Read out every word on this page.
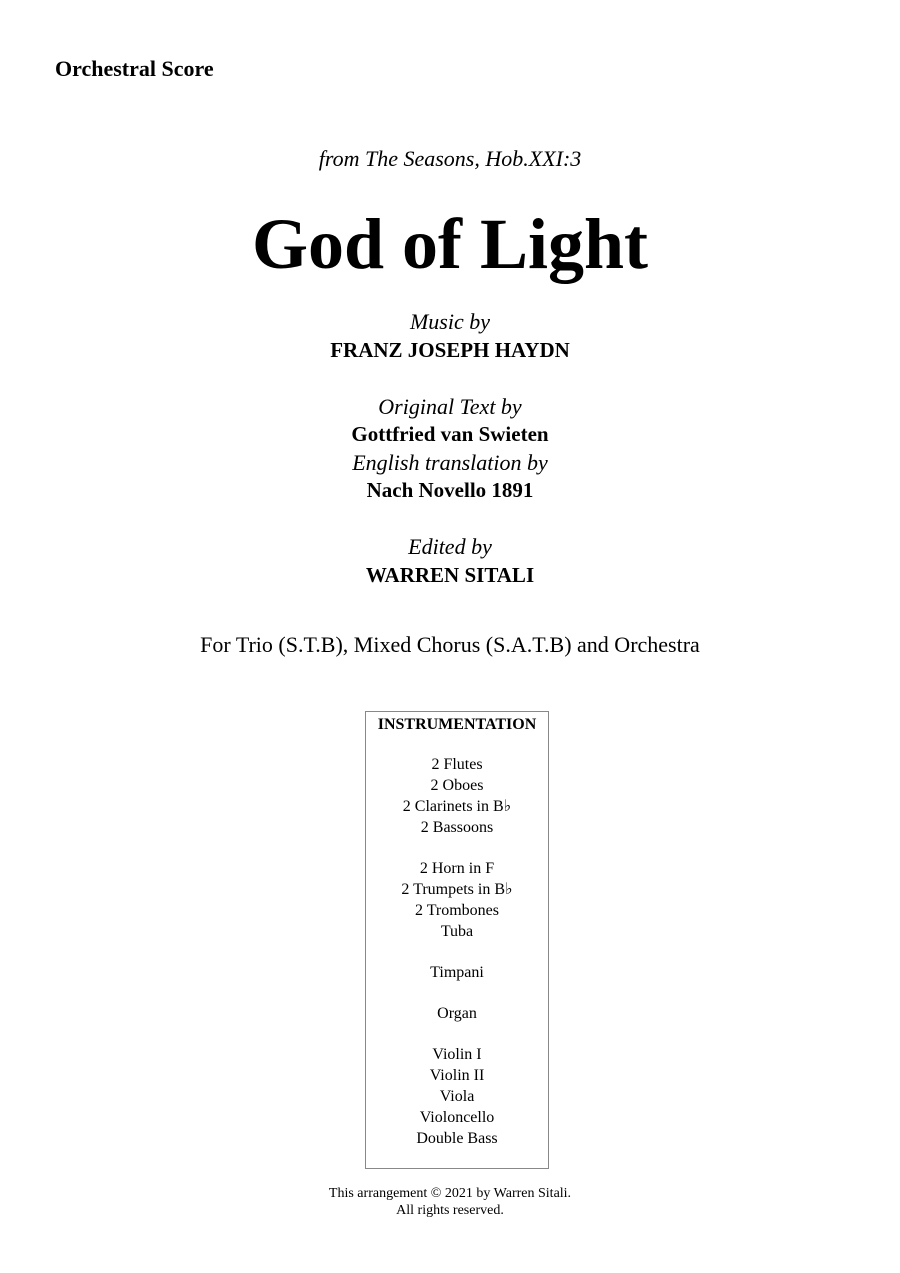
Orchestral Score
from The Seasons, Hob.XXI:3
God of Light
Music by
FRANZ JOSEPH HAYDN
Original Text by
Gottfried van Swieten
English translation by
Nach Novello 1891
Edited by
WARREN SITALI
For Trio (S.T.B), Mixed Chorus (S.A.T.B) and Orchestra
INSTRUMENTATION
2 Flutes
2 Oboes
2 Clarinets in B♭
2 Bassoons
2 Horn in F
2 Trumpets in B♭
2 Trombones
Tuba
Timpani
Organ
Violin I
Violin II
Viola
Violoncello
Double Bass
This arrangement © 2021 by Warren Sitali.
All rights reserved.
